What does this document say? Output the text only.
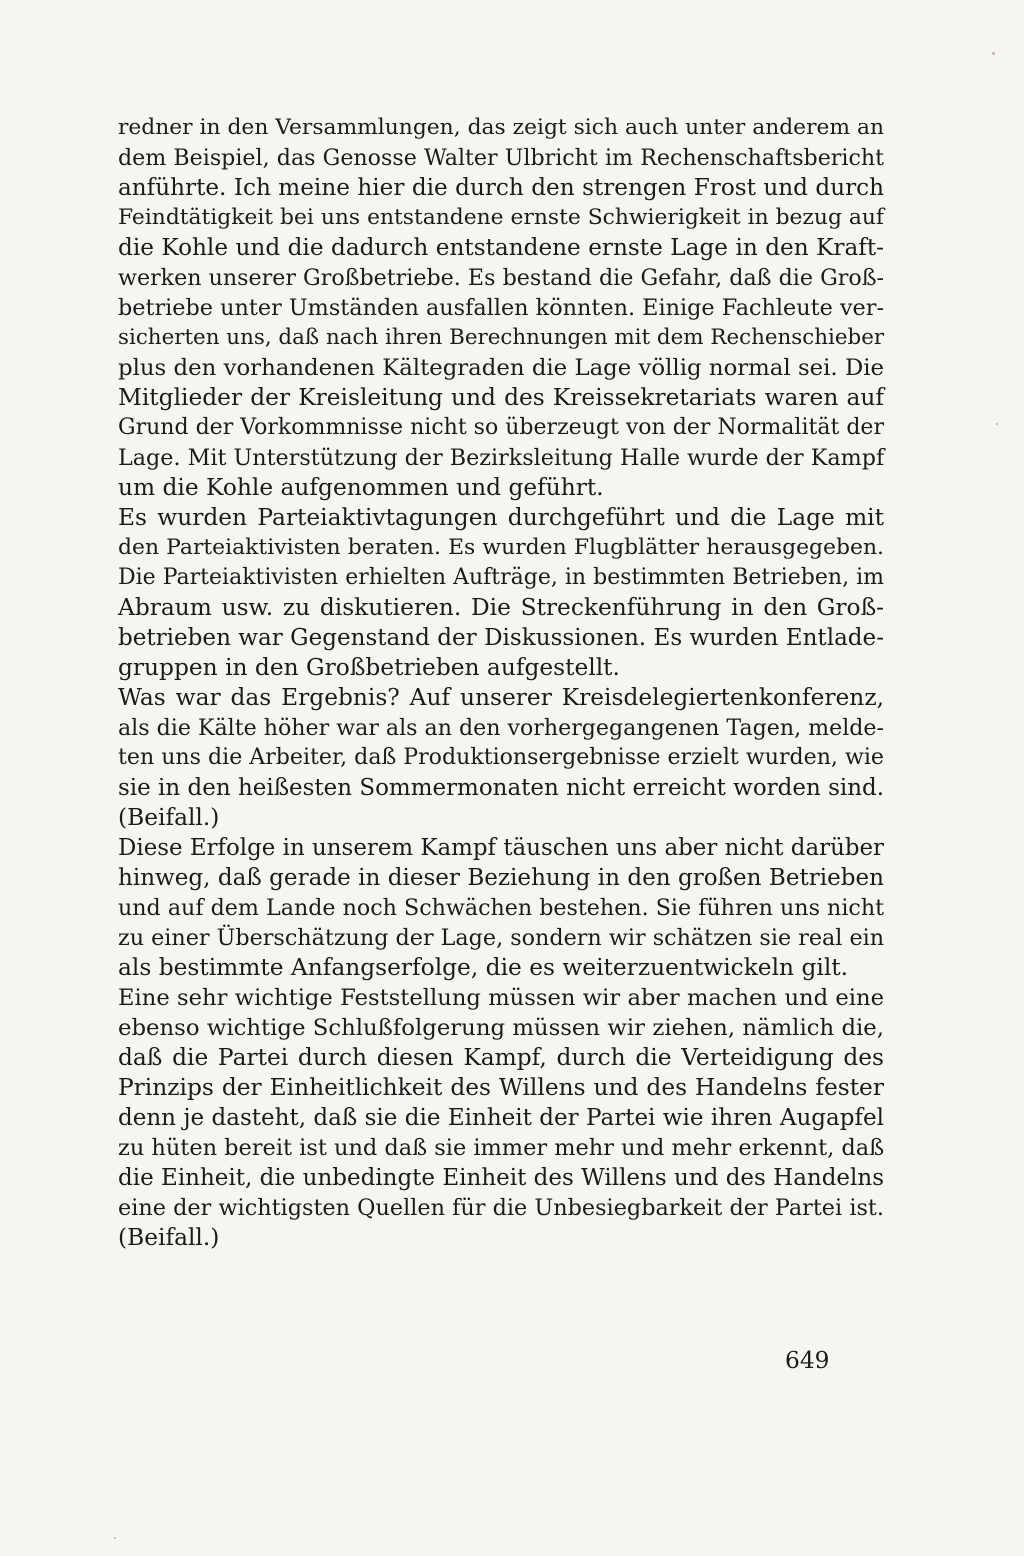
redner in den Versammlungen, das zeigt sich auch unter anderem an
dem Beispiel, das Genosse Walter Ulbricht im Rechenschaftsbericht
anführte. Ich meine hier die durch den strengen Frost und durch
Feindtätigkeit bei uns entstandene ernste Schwierigkeit in bezug auf
die Kohle und die dadurch entstandene ernste Lage in den Kraft-
werken unserer Großbetriebe. Es bestand die Gefahr, daß die Groß-
betriebe unter Umständen ausfallen könnten. Einige Fachleute ver-
sicherten uns, daß nach ihren Berechnungen mit dem Rechenschieber
plus den vorhandenen Kältegraden die Lage völlig normal sei. Die
Mitglieder der Kreisleitung und des Kreissekretariats waren auf
Grund der Vorkommnisse nicht so überzeugt von der Normalität der
Lage. Mit Unterstützung der Bezirksleitung Halle wurde der Kampf
um die Kohle aufgenommen und geführt.
Es wurden Parteiaktivtagungen durchgeführt und die Lage mit
den Parteiaktivisten beraten. Es wurden Flugblätter herausgegeben.
Die Parteiaktivisten erhielten Aufträge, in bestimmten Betrieben, im
Abraum usw. zu diskutieren. Die Streckenführung in den Groß-
betrieben war Gegenstand der Diskussionen. Es wurden Entlade-
gruppen in den Großbetrieben aufgestellt.
Was war das Ergebnis? Auf unserer Kreisdelegiertenkonferenz,
als die Kälte höher war als an den vorhergegangenen Tagen, melde-
ten uns die Arbeiter, daß Produktionsergebnisse erzielt wurden, wie
sie in den heißesten Sommermonaten nicht erreicht worden sind.
(Beifall.)
Diese Erfolge in unserem Kampf täuschen uns aber nicht darüber
hinweg, daß gerade in dieser Beziehung in den großen Betrieben
und auf dem Lande noch Schwächen bestehen. Sie führen uns nicht
zu einer Überschätzung der Lage, sondern wir schätzen sie real ein
als bestimmte Anfangserfolge, die es weiterzuentwickeln gilt.
Eine sehr wichtige Feststellung müssen wir aber machen und eine
ebenso wichtige Schlußfolgerung müssen wir ziehen, nämlich die,
daß die Partei durch diesen Kampf, durch die Verteidigung des
Prinzips der Einheitlichkeit des Willens und des Handelns fester
denn je dasteht, daß sie die Einheit der Partei wie ihren Augapfel
zu hüten bereit ist und daß sie immer mehr und mehr erkennt, daß
die Einheit, die unbedingte Einheit des Willens und des Handelns
eine der wichtigsten Quellen für die Unbesiegbarkeit der Partei ist.
(Beifall.)
649
